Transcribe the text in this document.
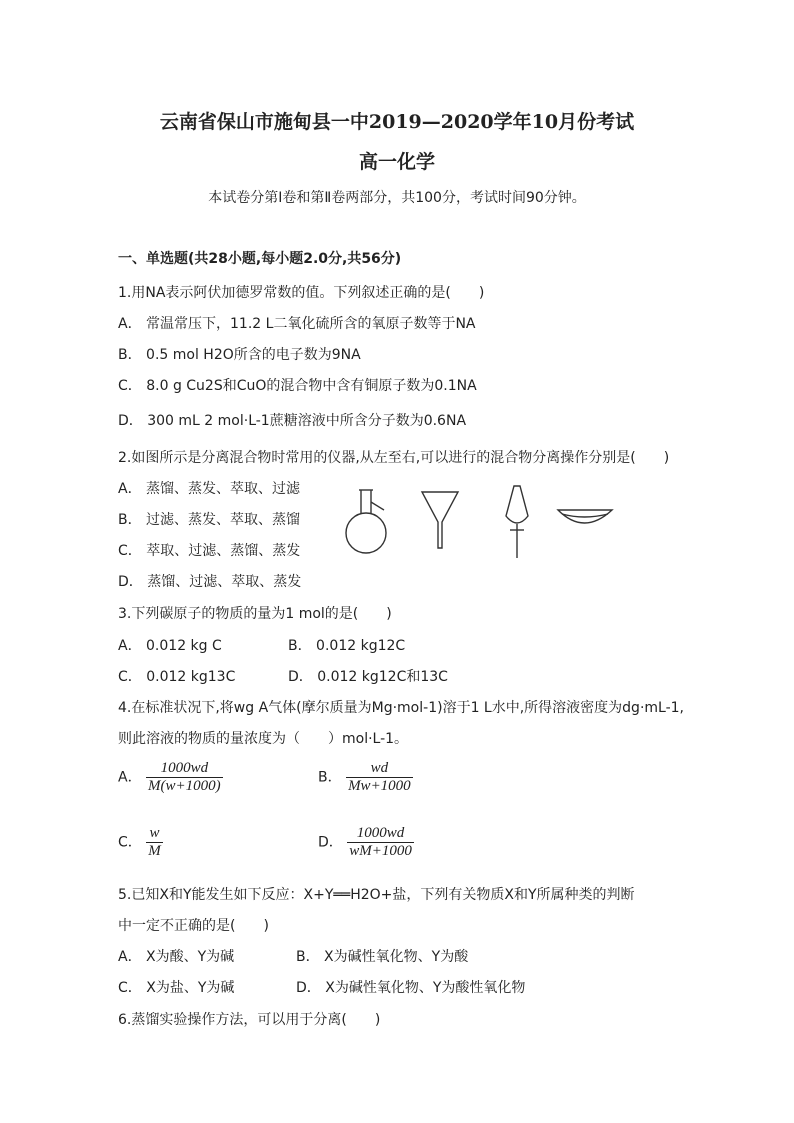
云南省保山市施甸县一中2019—2020学年10月份考试
高一化学
本试卷分第Ⅰ卷和第Ⅱ卷两部分，共100分，考试时间90分钟。
一、单选题(共28小题,每小题2.0分,共56分)
1.用NA表示阿伏加德罗常数的值。下列叙述正确的是(　　)
A． 常温常压下，11.2 L二氧化硫所含的氧原子数等于NA
B． 0.5 mol H2O所含的电子数为9NA
C． 8.0 g Cu2S和CuO的混合物中含有铜原子数为0.1NA
D． 300 mL 2 mol·L-1蔗糖溶液中所含分子数为0.6NA
2.如图所示是分离混合物时常用的仪器,从左至右,可以进行的混合物分离操作分别是(　　)
A． 蒸馏、蒸发、萃取、过滤
B． 过滤、蒸发、萃取、蒸馏
C． 萃取、过滤、蒸馏、蒸发
D． 蒸馏、过滤、萃取、蒸发
3.下列碳原子的物质的量为1 mol的是(　　)
A． 0.012 kg C	B． 0.012 kg12C
C． 0.012 kg13C	D． 0.012 kg12C和13C
4.在标准状况下,将wg A气体(摩尔质量为Mg·mol-1)溶于1 L水中,所得溶液密度为dg·mL-1,
则此溶液的物质的量浓度为（　　）mol·L-1。
A． $\frac{1000wd}{M(w+1000)}$	B． $\frac{wd}{Mw+1000}$
C． $\frac{w}{M}$	D． $\frac{1000wd}{wM+1000}$
5.已知X和Y能发生如下反应：X+Y══H2O+盐，下列有关物质X和Y所属种类的判断
中一定不正确的是(　　)
A． X为酸、Y为碱	B． X为碱性氧化物、Y为酸
C． X为盐、Y为碱	D． X为碱性氧化物、Y为酸性氧化物
6.蒸馏实验操作方法，可以用于分离(　　)
